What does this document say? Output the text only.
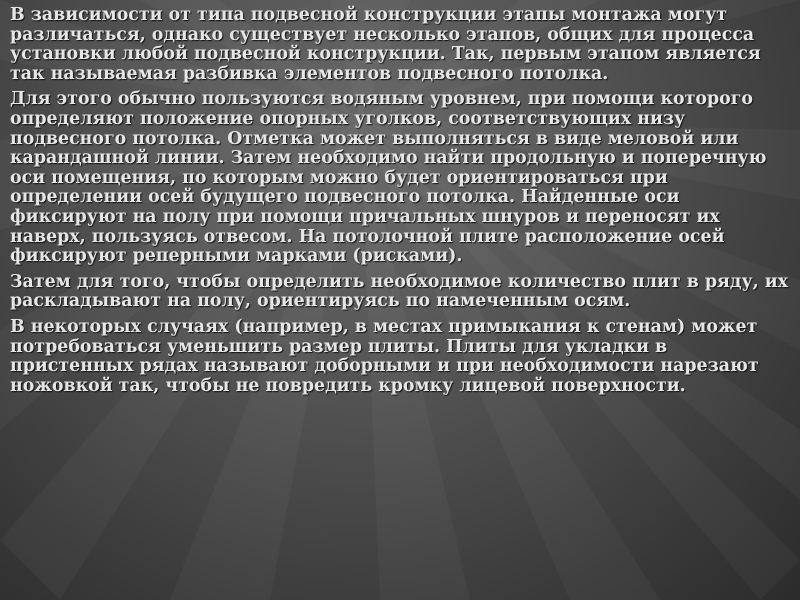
В зависимости от типа подвесной конструкции этапы монтажа могут различаться, однако существует несколько этапов, общих для процесса установки любой подвесной конструкции. Так, первым этапом является так называемая разбивка элементов подвесного потолка.
Для этого обычно пользуются водяным уровнем, при помощи которого определяют положение опорных уголков, соответствующих низу подвесного потолка. Отметка может выполняться в виде меловой или карандашной линии. Затем необходимо найти продольную и поперечную оси помещения, по которым можно будет ориентироваться при определении осей будущего подвесного потолка. Найденные оси фиксируют на полу при помощи причальных шнуров и переносят их наверх, пользуясь отвесом. На потолочной плите расположение осей фиксируют реперными марками (рисками).
Затем для того, чтобы определить необходимое количество плит в ряду, их раскладывают на полу, ориентируясь по намеченным осям.
В некоторых случаях (например, в местах примыкания к стенам) может потребоваться уменьшить размер плиты. Плиты для укладки в пристенных рядах называют доборными и при необходимости нарезают ножовкой так, чтобы не повредить кромку лицевой поверхности.
